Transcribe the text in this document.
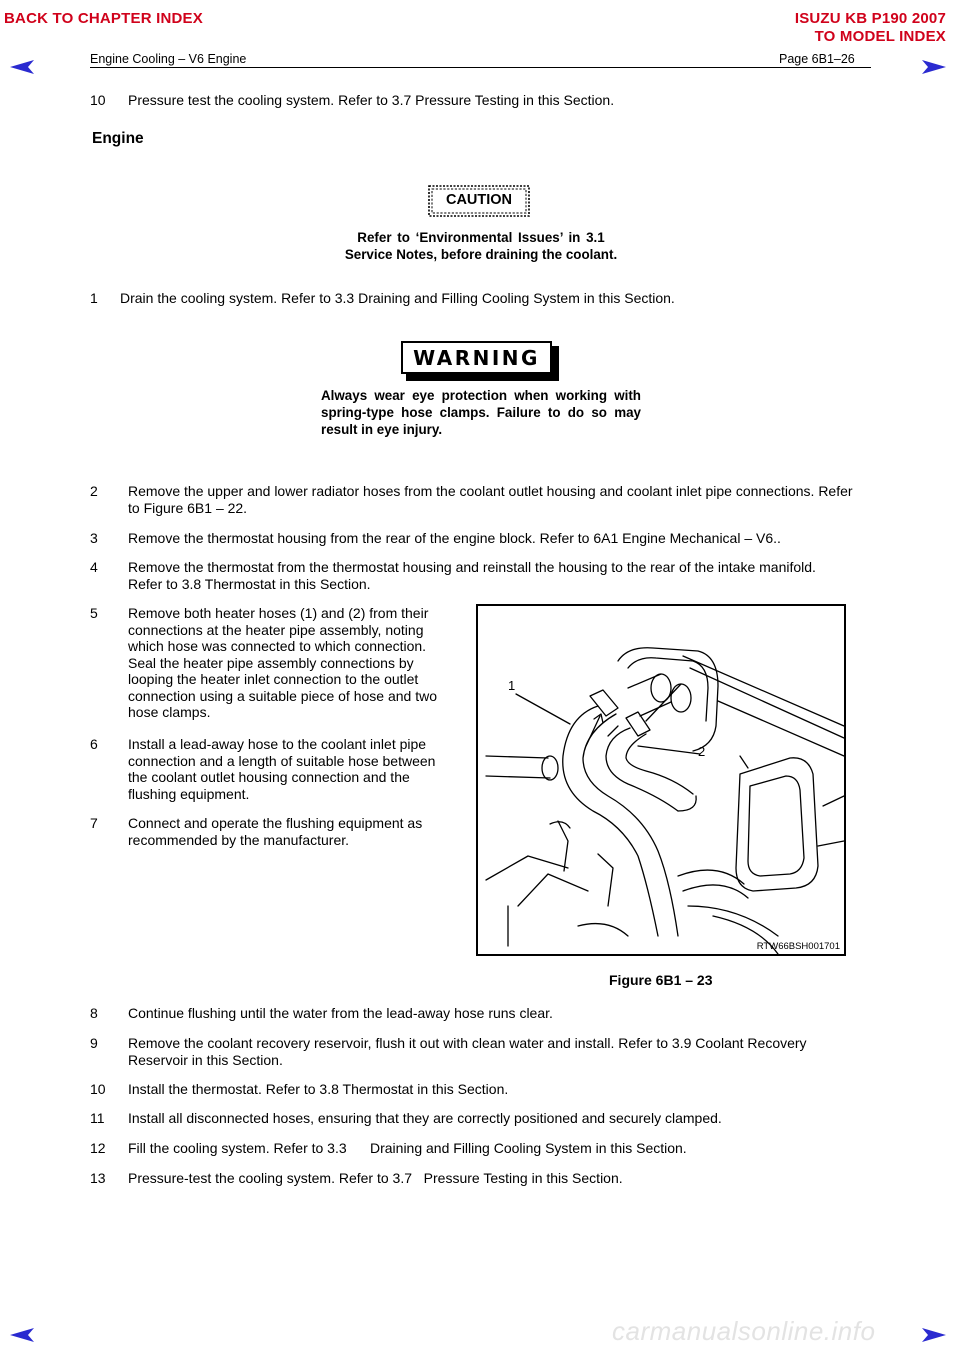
BACK TO CHAPTER INDEX	ISUZU KB P190 2007
TO MODEL INDEX
Engine Cooling – V6 Engine	Page 6B1–26
10 Pressure test the cooling system. Refer to 3.7 Pressure Testing in this Section.
Engine
CAUTION
Refer to ‘Environmental Issues’ in 3.1
Service Notes, before draining the coolant.
1 Drain the cooling system. Refer to 3.3 Draining and Filling Cooling System in this Section.
WARNING
Always wear eye protection when working with spring-type hose clamps. Failure to do so may result in eye injury.
2 Remove the upper and lower radiator hoses from the coolant outlet housing and coolant inlet pipe connections. Refer to Figure 6B1 – 22.
3 Remove the thermostat housing from the rear of the engine block. Refer to 6A1 Engine Mechanical – V6..
4 Remove the thermostat from the thermostat housing and reinstall the housing to the rear of the intake manifold. Refer to 3.8 Thermostat in this Section.
5 Remove both heater hoses (1) and (2) from their connections at the heater pipe assembly, noting which hose was connected to which connection. Seal the heater pipe assembly connections by looping the heater inlet connection to the outlet connection using a suitable piece of hose and two hose clamps.
6 Install a lead-away hose to the coolant inlet pipe connection and a length of suitable hose between the coolant outlet housing connection and the flushing equipment.
7 Connect and operate the flushing equipment as recommended by the manufacturer.
1
2
RTW66BSH001701
Figure 6B1 – 23
8 Continue flushing until the water from the lead-away hose runs clear.
9 Remove the coolant recovery reservoir, flush it out with clean water and install. Refer to 3.9 Coolant Recovery Reservoir in this Section.
10 Install the thermostat. Refer to 3.8 Thermostat in this Section.
11 Install all disconnected hoses, ensuring that they are correctly positioned and securely clamped.
12 Fill the cooling system. Refer to 3.3      Draining and Filling Cooling System in this Section.
13 Pressure-test the cooling system. Refer to 3.7   Pressure Testing in this Section.
carmanualsonline.info
